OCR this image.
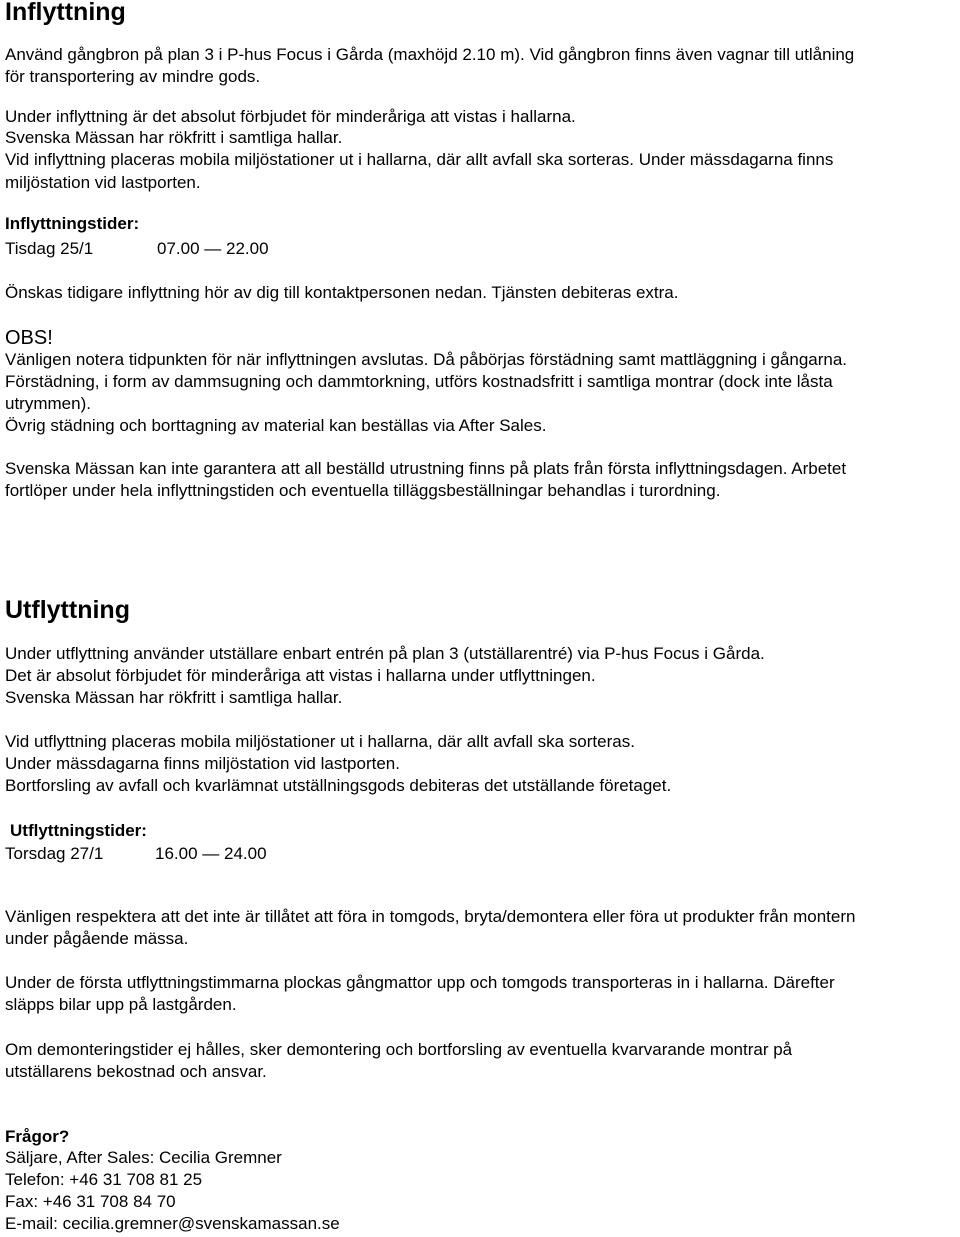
Inflyttning

Använd gångbron på plan 3 i P-hus Focus i Gårda (maxhöjd 2.10 m). Vid gångbron finns även vagnar till utlåning

för transportering av mindre gods.

Under inflyttning är det absolut förbjudet för minderåriga att vistas i hallarna.

Svenska Mässan har rökfritt i samtliga hallar.

Vid inflyttning placeras mobila miljöstationer ut i hallarna, där allt avfall ska sorteras. Under mässdagarna finns

miljöstation vid lastporten.

Inflyttningstider:

Tisdag 25/1	07.00 — 22.00

Önskas tidigare inflyttning hör av dig till kontaktpersonen nedan. Tjänsten debiteras extra.

OBS!

Vänligen notera tidpunkten för när inflyttningen avslutas. Då påbörjas förstädning samt mattläggning i gångarna.

Förstädning, i form av dammsugning och dammtorkning, utförs kostnadsfritt i samtliga montrar (dock inte låsta

utrymmen).

Övrig städning och borttagning av material kan beställas via After Sales.

Svenska Mässan kan inte garantera att all beställd utrustning finns på plats från första inflyttningsdagen. Arbetet

fortlöper under hela inflyttningstiden och eventuella tilläggsbeställningar behandlas i turordning.

Utflyttning

Under utflyttning använder utställare enbart entrén på plan 3 (utställarentré) via P-hus Focus i Gårda.

Det är absolut förbjudet för minderåriga att vistas i hallarna under utflyttningen.

Svenska Mässan har rökfritt i samtliga hallar.

Vid utflyttning placeras mobila miljöstationer ut i hallarna, där allt avfall ska sorteras.

Under mässdagarna finns miljöstation vid lastporten.

Bortforsling av avfall och kvarlämnat utställningsgods debiteras det utställande företaget.

Utflyttningstider:

Torsdag 27/1	16.00 — 24.00

Vänligen respektera att det inte är tillåtet att föra in tomgods, bryta/demontera eller föra ut produkter från montern

under pågående mässa.

Under de första utflyttningstimmarna plockas gångmattor upp och tomgods transporteras in i hallarna. Därefter

släpps bilar upp på lastgården.

Om demonteringstider ej hålles, sker demontering och bortforsling av eventuella kvarvarande montrar på

utställarens bekostnad och ansvar.

Frågor?

Säljare, After Sales: Cecilia Gremner

Telefon: +46 31 708 81 25

Fax: +46 31 708 84 70

E-mail: cecilia.gremner@svenskamassan.se
